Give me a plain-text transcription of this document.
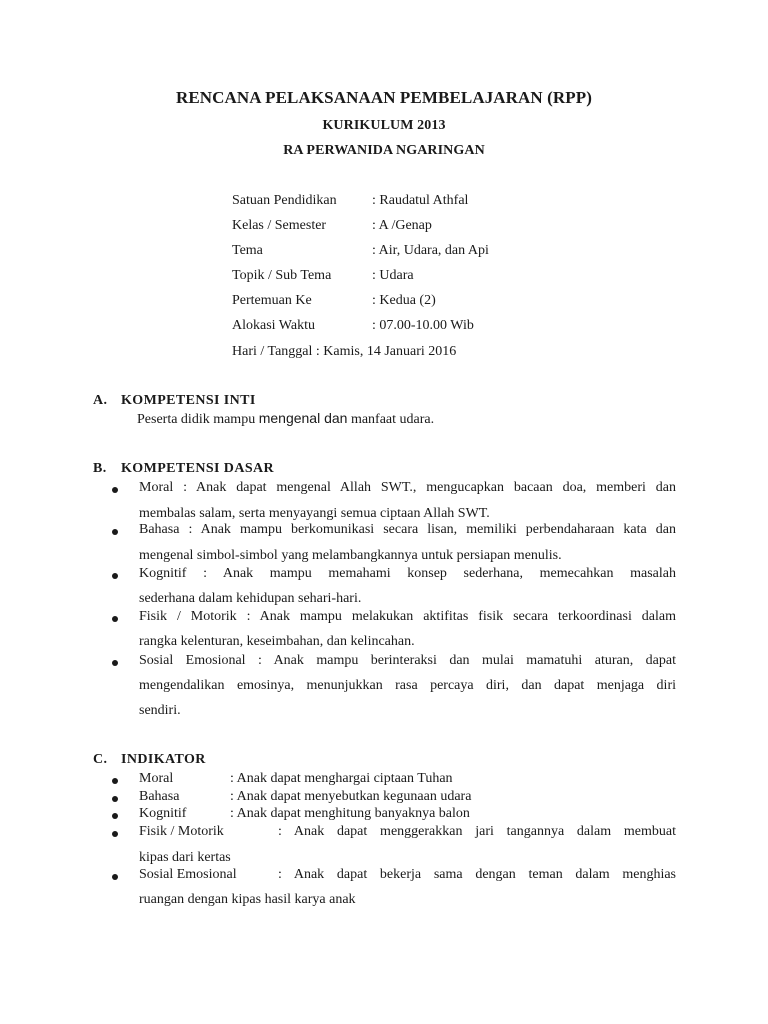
RENCANA PELAKSANAAN PEMBELAJARAN (RPP)
KURIKULUM 2013
RA PERWANIDA NGARINGAN
Satuan Pendidikan	: Raudatul Athfal
Kelas / Semester	: A /Genap
Tema	: Air, Udara, dan Api
Topik / Sub Tema	: Udara
Pertemuan Ke	: Kedua (2)
Alokasi Waktu	: 07.00-10.00 Wib
Hari / Tanggal : Kamis, 14 Januari 2016
A. KOMPETENSI INTI
Peserta didik mampu mengenal dan manfaat udara.
B. KOMPETENSI DASAR
Moral : Anak dapat mengenal Allah SWT., mengucapkan bacaan doa, memberi dan
membalas salam, serta menyayangi semua ciptaan Allah SWT.
Bahasa : Anak mampu berkomunikasi secara lisan, memiliki perbendaharaan kata dan
mengenal simbol-simbol yang melambangkannya untuk persiapan menulis.
Kognitif : Anak mampu memahami konsep sederhana, memecahkan masalah
sederhana dalam kehidupan sehari-hari.
Fisik / Motorik : Anak mampu melakukan aktifitas fisik secara terkoordinasi dalam
rangka kelenturan, keseimbahan, dan kelincahan.
Sosial Emosional : Anak mampu berinteraksi dan mulai mamatuhi aturan, dapat
mengendalikan emosinya, menunjukkan rasa percaya diri, dan dapat menjaga diri
sendiri.
C. INDIKATOR
Moral	: Anak dapat menghargai ciptaan Tuhan
Bahasa	: Anak dapat menyebutkan kegunaan udara
Kognitif	: Anak dapat menghitung banyaknya balon
Fisik / Motorik	: Anak dapat menggerakkan jari tangannya dalam membuat
kipas dari kertas
Sosial Emosional	: Anak dapat bekerja sama dengan teman dalam menghias
ruangan dengan kipas hasil karya anak
